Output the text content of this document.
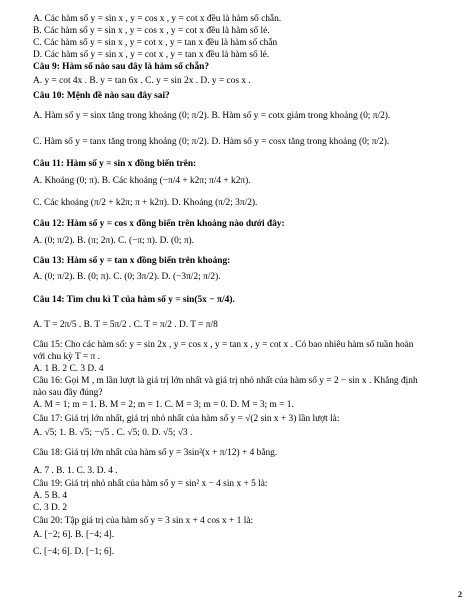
A. Các hàm số y = sin x , y = cos x , y = cot x đều là hàm số chẵn.
B. Các hàm số y = sin x , y = cos x , y = cot x đều là hàm số lẻ.
C. Các hàm số y = sin x , y = cot x , y = tan x đều là hàm số chẵn
D. Các hàm số y = sin x , y = cot x , y = tan x đều là hàm số lẻ.
Câu 9: Hàm số nào sau đây là hàm số chẵn?
A. y = cot 4x . B. y = tan 6x . C. y = sin 2x . D. y = cos x .
Câu 10: Mệnh đề nào sau đây sai?
A. Hàm số y = sinx tăng trong khoảng (0; π/2). B. Hàm số y = cotx giảm trong khoảng (0; π/2).
C. Hàm số y = tanx tăng trong khoảng (0; π/2). D. Hàm số y = cosx tăng trong khoảng (0; π/2).
Câu 11: Hàm số y = sin x đồng biến trên:
A. Khoảng (0; π). B. Các khoảng (−π/4 + k2π; π/4 + k2π).
C. Các khoảng (π/2 + k2π; π + k2π). D. Khoảng (π/2; 3π/2).
Câu 12: Hàm số y = cos x đồng biến trên khoảng nào dưới đây:
A. (0; π/2). B. (π; 2π). C. (−π; π). D. (0; π).
Câu 13: Hàm số y = tan x đồng biến trên khoảng:
A. (0; π/2). B. (0; π). C. (0; 3π/2). D. (−3π/2; π/2).
Câu 14: Tìm chu kì T của hàm số y = sin(5x − π/4).
A. T = 2π/5 . B. T = 5π/2 . C. T = π/2 . D. T = π/8
Câu 15: Cho các hàm số: y = sin 2x , y = cos x , y = tan x , y = cot x . Có bao nhiêu hàm số tuần hoàn
với chu kỳ T = π .
A. 1 B. 2 C. 3 D. 4
Câu 16: Gọi M , m lần lượt là giá trị lớn nhất và giá trị nhỏ nhất của hàm số y = 2 − sin x . Khẳng định
nào sau đây đúng?
A. M = 1; m = 1. B. M = 2; m = 1. C. M = 3; m = 0. D. M = 3; m = 1.
Câu 17: Giá trị lớn nhất, giá trị nhỏ nhất của hàm số y = √(2 sin x + 3) lần lượt là:
A. √5; 1. B. √5; −√5 . C. √5; 0. D. √5; √3 .
Câu 18: Giá trị lớn nhất của hàm số y = 3sin²(x + π/12) + 4 bằng.
A. 7 . B. 1. C. 3. D. 4 .
Câu 19: Giá trị nhỏ nhất của hàm số y = sin² x − 4 sin x + 5 là:
A. 5 B. 4
C. 3 D. 2
Câu 20: Tập giá trị của hàm số y = 3 sin x + 4 cos x + 1 là:
A. [−2; 6]. B. [−4; 4].
C. [−4; 6]. D. [−1; 6].
2
